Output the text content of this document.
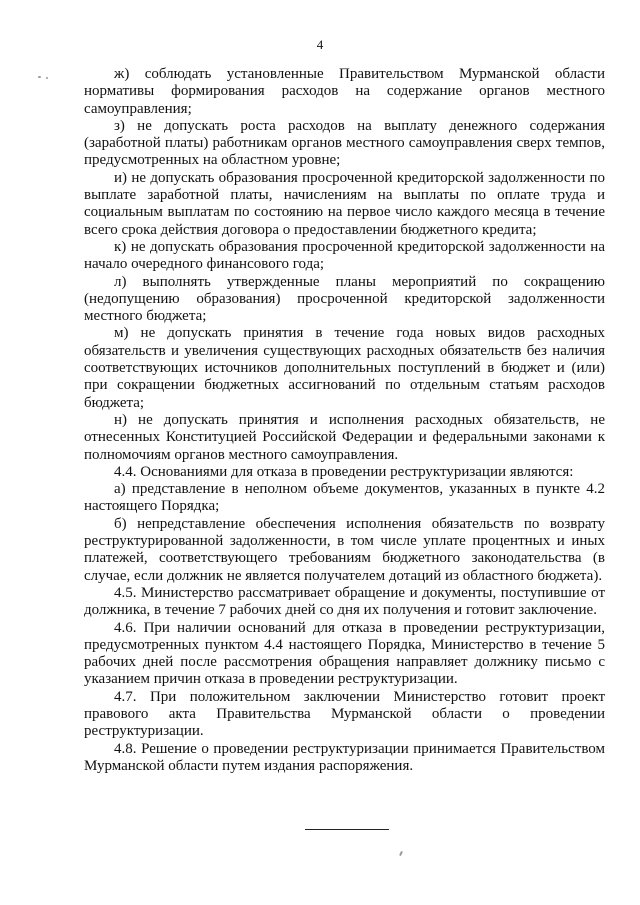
4

ж) соблюдать установленные Правительством Мурманской области нормативы формирования расходов на содержание органов местного самоуправления;

з) не допускать роста расходов на выплату денежного содержания (заработной платы) работникам органов местного самоуправления сверх темпов, предусмотренных на областном уровне;

и) не допускать образования просроченной кредиторской задолженности по выплате заработной платы, начислениям на выплаты по оплате труда и социальным выплатам по состоянию на первое число каждого месяца в течение всего срока действия договора о предоставлении бюджетного кредита;

к) не допускать образования просроченной кредиторской задолженности на начало очередного финансового года;

л) выполнять утвержденные планы мероприятий по сокращению (недопущению образования) просроченной кредиторской задолженности местного бюджета;

м) не допускать принятия в течение года новых видов расходных обязательств и увеличения существующих расходных обязательств без наличия соответствующих источников дополнительных поступлений в бюджет и (или) при сокращении бюджетных ассигнований по отдельным статьям расходов бюджета;

н) не допускать принятия и исполнения расходных обязательств, не отнесенных Конституцией Российской Федерации и федеральными законами к полномочиям органов местного самоуправления.

4.4. Основаниями для отказа в проведении реструктуризации являются:

а) представление в неполном объеме документов, указанных в пункте 4.2 настоящего Порядка;

б) непредставление обеспечения исполнения обязательств по возврату реструктурированной задолженности, в том числе уплате процентных и иных платежей, соответствующего требованиям бюджетного законодательства (в случае, если должник не является получателем дотаций из областного бюджета).

4.5. Министерство рассматривает обращение и документы, поступившие от должника, в течение 7 рабочих дней со дня их получения и готовит заключение.

4.6. При наличии оснований для отказа в проведении реструктуризации, предусмотренных пунктом 4.4 настоящего Порядка, Министерство в течение 5 рабочих дней после рассмотрения обращения направляет должнику письмо с указанием причин отказа в проведении реструктуризации.

4.7. При положительном заключении Министерство готовит проект правового акта Правительства Мурманской области о проведении реструктуризации.

4.8. Решение о проведении реструктуризации принимается Правительством Мурманской области путем издания распоряжения.
